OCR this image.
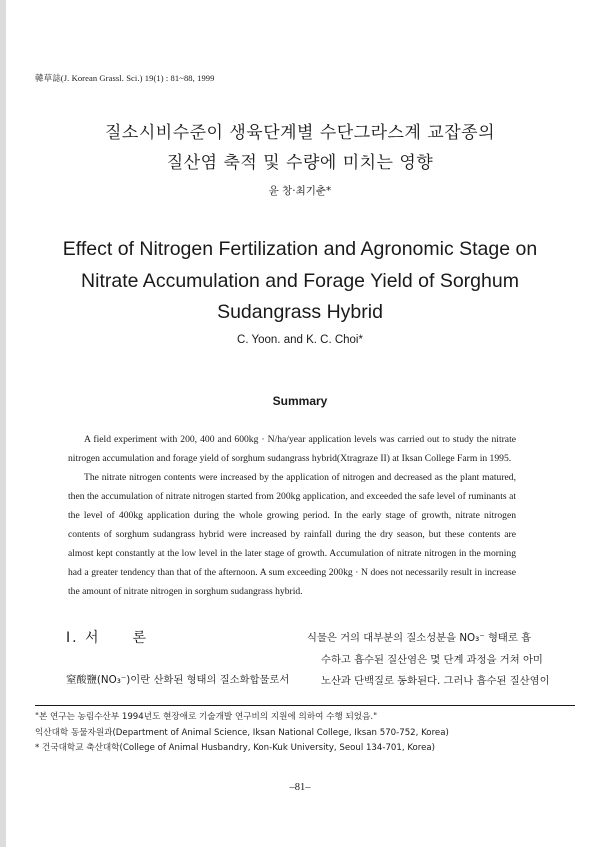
韓草誌(J. Korean Grassl. Sci.) 19(1) : 81~88, 1999
질소시비수준이 생육단계별 수단그라스계 교잡종의
질산염 축적 및 수량에 미치는 영향
윤 창·최기춘*
Effect of Nitrogen Fertilization and Agronomic Stage on
Nitrate Accumulation and Forage Yield of Sorghum
Sudangrass Hybrid
C. Yoon. and K. C. Choi*
Summary

A field experiment with 200, 400 and 600kg · N/ha/year application levels was carried out to study the nitrate nitrogen accumulation and forage yield of sorghum sudangrass hybrid(Xtragraze II) at Iksan College Farm in 1995.

The nitrate nitrogen contents were increased by the application of nitrogen and decreased as the plant matured, then the accumulation of nitrate nitrogen started from 200kg application, and exceeded the safe level of ruminants at the level of 400kg application during the whole growing period. In the early stage of growth, nitrate nitrogen contents of sorghum sudangrass hybrid were increased by rainfall during the dry season, but these contents are almost kept constantly at the low level in the later stage of growth. Accumulation of nitrate nitrogen in the morning had a greater tendency than that of the afternoon. A sum exceeding 200kg · N does not necessarily result in increase the amount of nitrate nitrogen in sorghum sudangrass hybrid.

I. 서　　론
窒酸鹽(NO₃⁻)이란 산화된 형태의 질소화합물로서
식물은 거의 대부분의 질소성분을 NO₃⁻ 형태로 흡
수하고 흡수된 질산염은 몇 단계 과정을 거쳐 아미
노산과 단백질로 동화된다. 그러나 흡수된 질산염이
"본 연구는 농림수산부 1994년도 현장애로 기술개발 연구비의 지원에 의하여 수행 되었음."
익산대학 동물자원과(Department of Animal Science, Iksan National College, Iksan 570-752, Korea)
* 건국대학교 축산대학(College of Animal Husbandry, Kon-Kuk University, Seoul 134-701, Korea)
–81–
